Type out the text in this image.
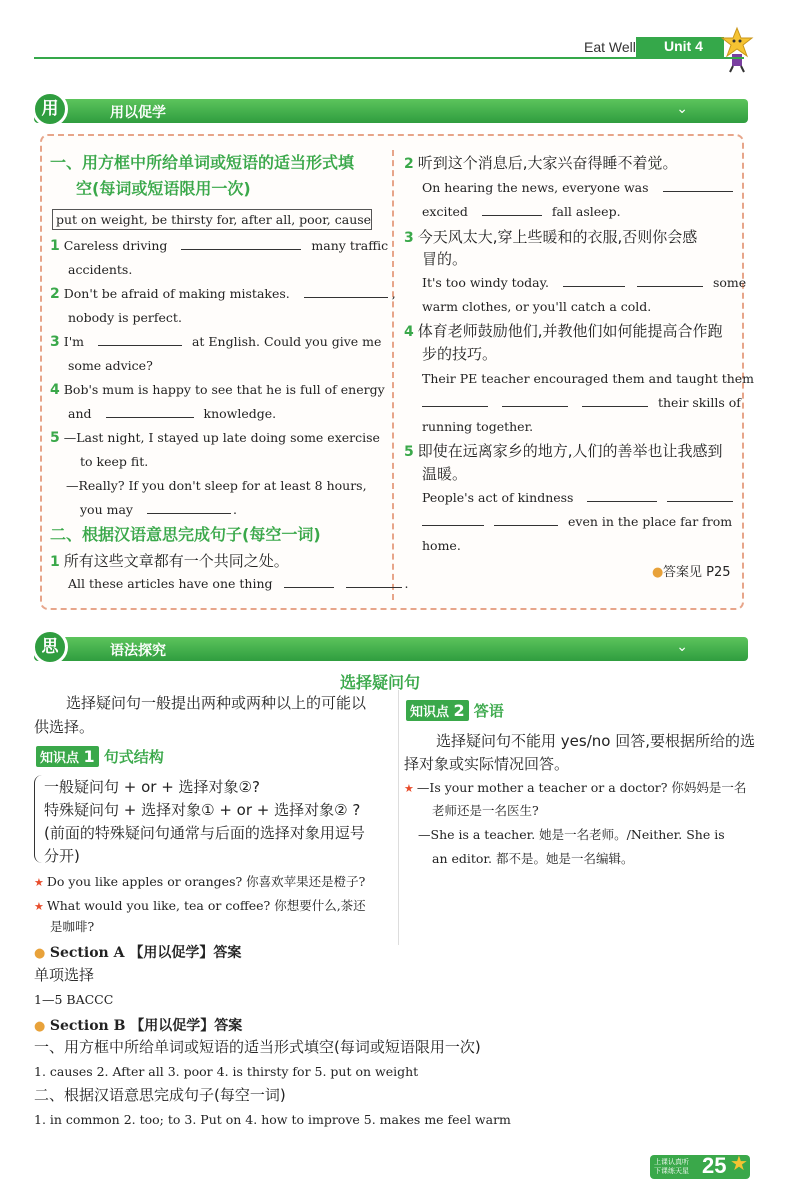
Eat Well	Unit 4
用	用以促学	⌄
一、用方框中所给单词或短语的适当形式填
空(每词或短语限用一次)
put on weight, be thirsty for, after all, poor, cause
1 Careless driving	many traffic
accidents.
2 Don't be afraid of making mistakes.	,
nobody is perfect.
3 I'm	at English. Could you give me
some advice?
4 Bob's mum is happy to see that he is full of energy
and	knowledge.
5 —Last night, I stayed up late doing some exercise
to keep fit.
—Really? If you don't sleep for at least 8 hours,
you may	.
二、根据汉语意思完成句子(每空一词)
1 所有这些文章都有一个共同之处。
All these articles have one thing	.
2 听到这个消息后,大家兴奋得睡不着觉。
On hearing the news, everyone was
excited	fall asleep.
3 今天风太大,穿上些暖和的衣服,否则你会感
冒的。
It's too windy today.	some
warm clothes, or you'll catch a cold.
4 体育老师鼓励他们,并教他们如何能提高合作跑
步的技巧。
Their PE teacher encouraged them and taught them
their skills of
running together.
5 即使在远离家乡的地方,人们的善举也让我感到
温暖。
People's act of kindness
even in the place far from
home.
●答案见 P25
思	语法探究	⌄
选择疑问句
选择疑问句一般提出两种或两种以上的可能以
供选择。
知识点 1 句式结构
一般疑问句 + or + 选择对象②?
特殊疑问句 + 选择对象① + or + 选择对象② ?
(前面的特殊疑问句通常与后面的选择对象用逗号
分开)
★ Do you like apples or oranges? 你喜欢苹果还是橙子?
★ What would you like, tea or coffee? 你想要什么,茶还
是咖啡?
知识点 2 答语
选择疑问句不能用 yes/no 回答,要根据所给的选
择对象或实际情况回答。
★ —Is your mother a teacher or a doctor? 你妈妈是一名
老师还是一名医生?
—She is a teacher. 她是一名老师。/Neither. She is
an editor. 都不是。她是一名编辑。
● Section A 【用以促学】答案
单项选择
1—5 BACCC
● Section B 【用以促学】答案
一、用方框中所给单词或短语的适当形式填空(每词或短语限用一次)
1. causes 2. After all 3. poor 4. is thirsty for 5. put on weight
二、根据汉语意思完成句子(每空一词)
1. in common 2. too; to 3. Put on 4. how to improve 5. makes me feel warm
上课认真听
下课练天星 25 ★
